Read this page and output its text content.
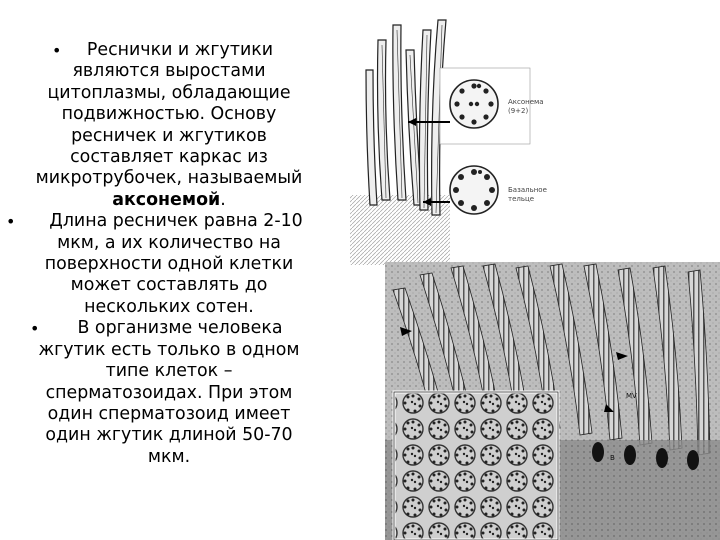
•	Реснички и жгутики
являются выростами
цитоплазмы, обладающие
подвижностью. Основу
ресничек и жгутиков
составляет каркас из
микротрубочек, называемый
аксонемой.
•	Длина ресничек равна 2-10
мкм, а их количество на
поверхности одной клетки
может составлять до
нескольких сотен.
•	В организме человека
жгутик есть только в одном
типе клеток –
сперматозоидах. При этом
один сперматозоид имеет
один жгутик длиной 50-70
мкм.
Аксонема
(9+2)
Базальное
тельце
MV
B
